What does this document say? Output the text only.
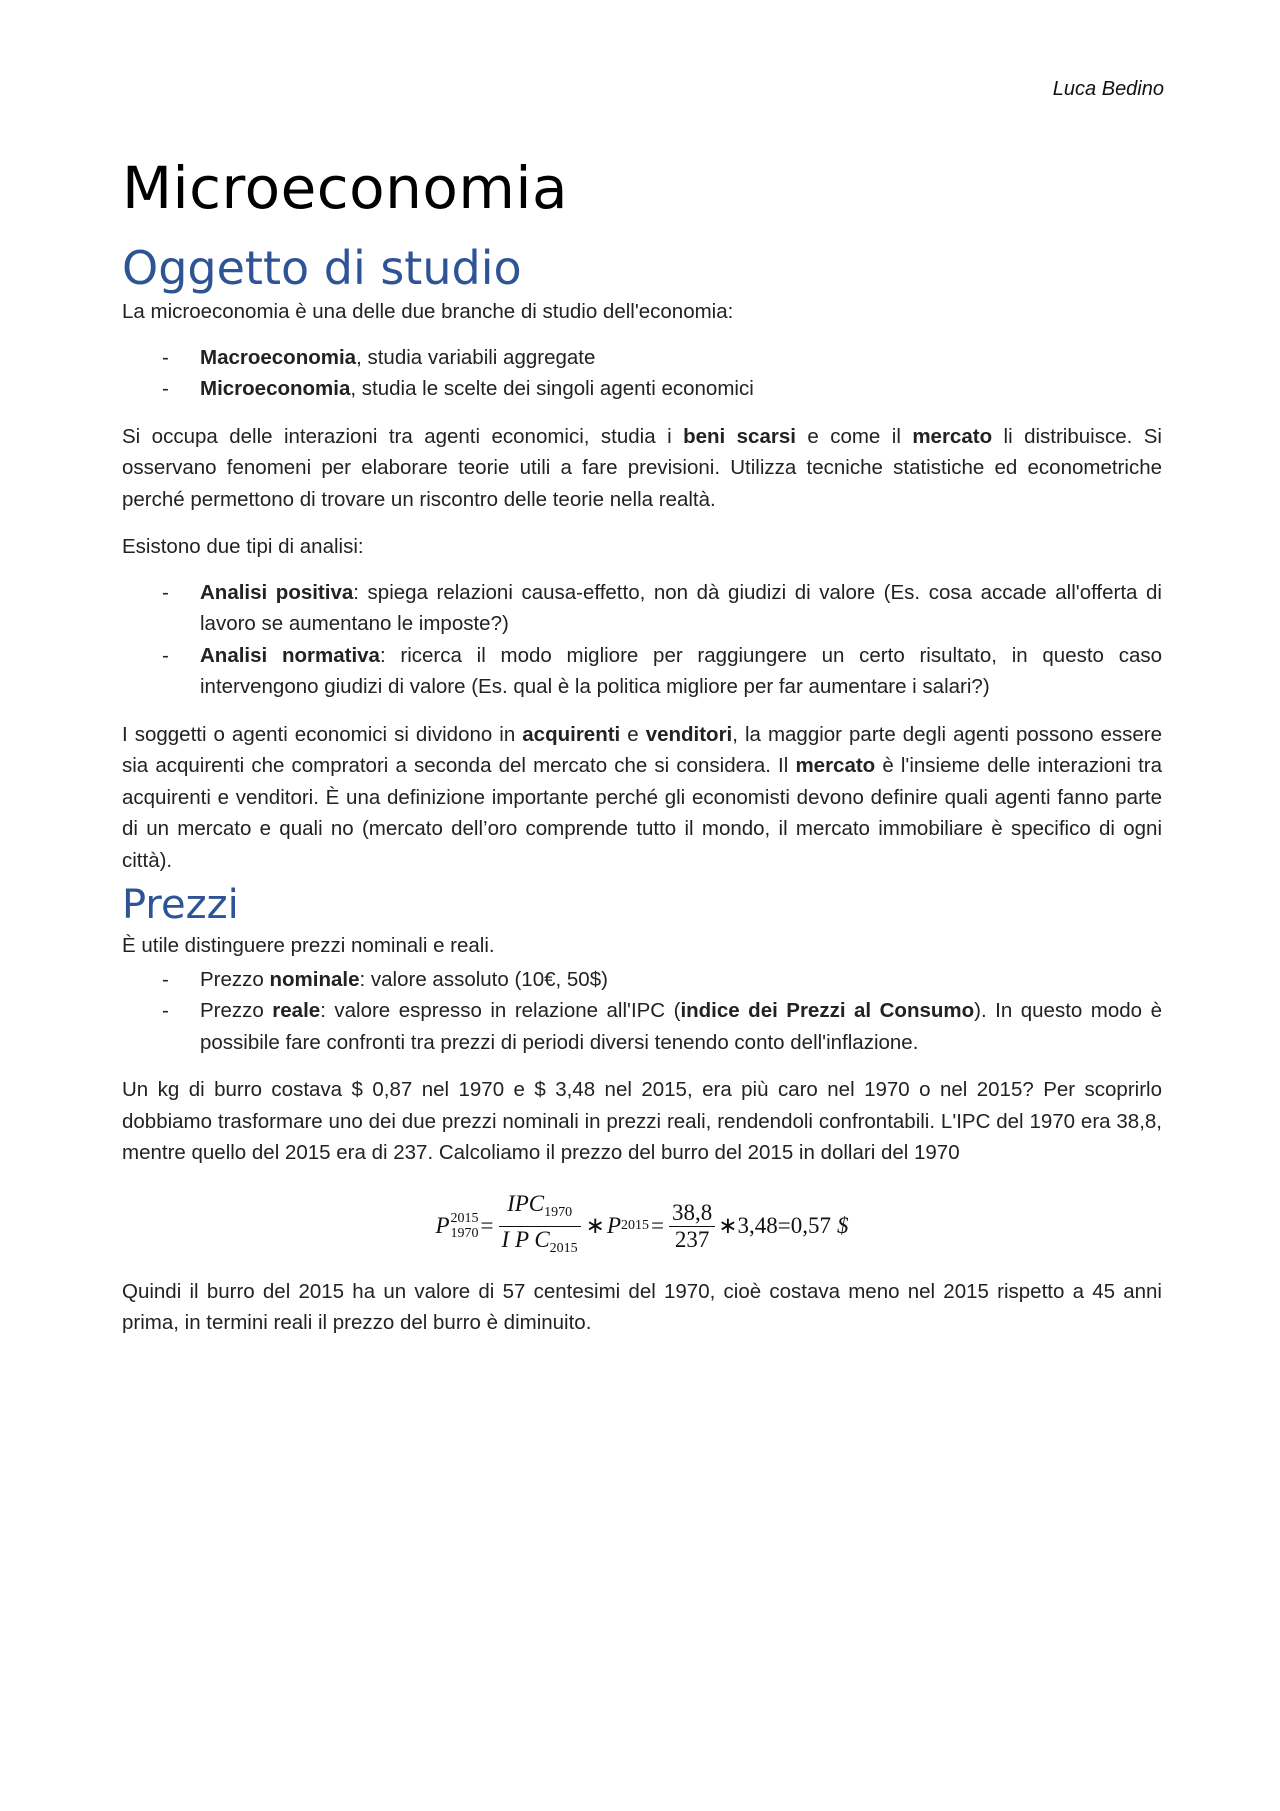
Luca Bedino
Microeconomia
Oggetto di studio

La microeconomia è una delle due branche di studio dell'economia:

- Macroeconomia, studia variabili aggregate
- Microeconomia, studia le scelte dei singoli agenti economici

Si occupa delle interazioni tra agenti economici, studia i beni scarsi e come il mercato li distribuisce. Si osservano fenomeni per elaborare teorie utili a fare previsioni. Utilizza tecniche statistiche ed econometriche perché permettono di trovare un riscontro delle teorie nella realtà.

Esistono due tipi di analisi:

- Analisi positiva: spiega relazioni causa-effetto, non dà giudizi di valore (Es. cosa accade all'offerta di lavoro se aumentano le imposte?)
- Analisi normativa: ricerca il modo migliore per raggiungere un certo risultato, in questo caso intervengono giudizi di valore (Es. qual è la politica migliore per far aumentare i salari?)

I soggetti o agenti economici si dividono in acquirenti e venditori, la maggior parte degli agenti possono essere sia acquirenti che compratori a seconda del mercato che si considera. Il mercato è l'insieme delle interazioni tra acquirenti e venditori. È una definizione importante perché gli economisti devono definire quali agenti fanno parte di un mercato e quali no (mercato dell’oro comprende tutto il mondo, il mercato immobiliare è specifico di ogni città).

Prezzi

È utile distinguere prezzi nominali e reali.

- Prezzo nominale: valore assoluto (10€, 50$)
- Prezzo reale: valore espresso in relazione all'IPC (indice dei Prezzi al Consumo). In questo modo è possibile fare confronti tra prezzi di periodi diversi tenendo conto dell'inflazione.

Un kg di burro costava $ 0,87 nel 1970 e $ 3,48 nel 2015, era più caro nel 1970 o nel 2015? Per scoprirlo dobbiamo trasformare uno dei due prezzi nominali in prezzi reali, rendendoli confrontabili. L'IPC del 1970 era 38,8, mentre quello del 2015 era di 237. Calcoliamo il prezzo del burro del 2015 in dollari del 1970

P 2015
$1970 = \frac{IPC_{1970}}{I P C_{2015}}$ ∗ P $2015 = \frac{38,8}{237}$ ∗3,48=0,57 $

Quindi il burro del 2015 ha un valore di 57 centesimi del 1970, cioè costava meno nel 2015 rispetto a 45 anni prima, in termini reali il prezzo del burro è diminuito.
